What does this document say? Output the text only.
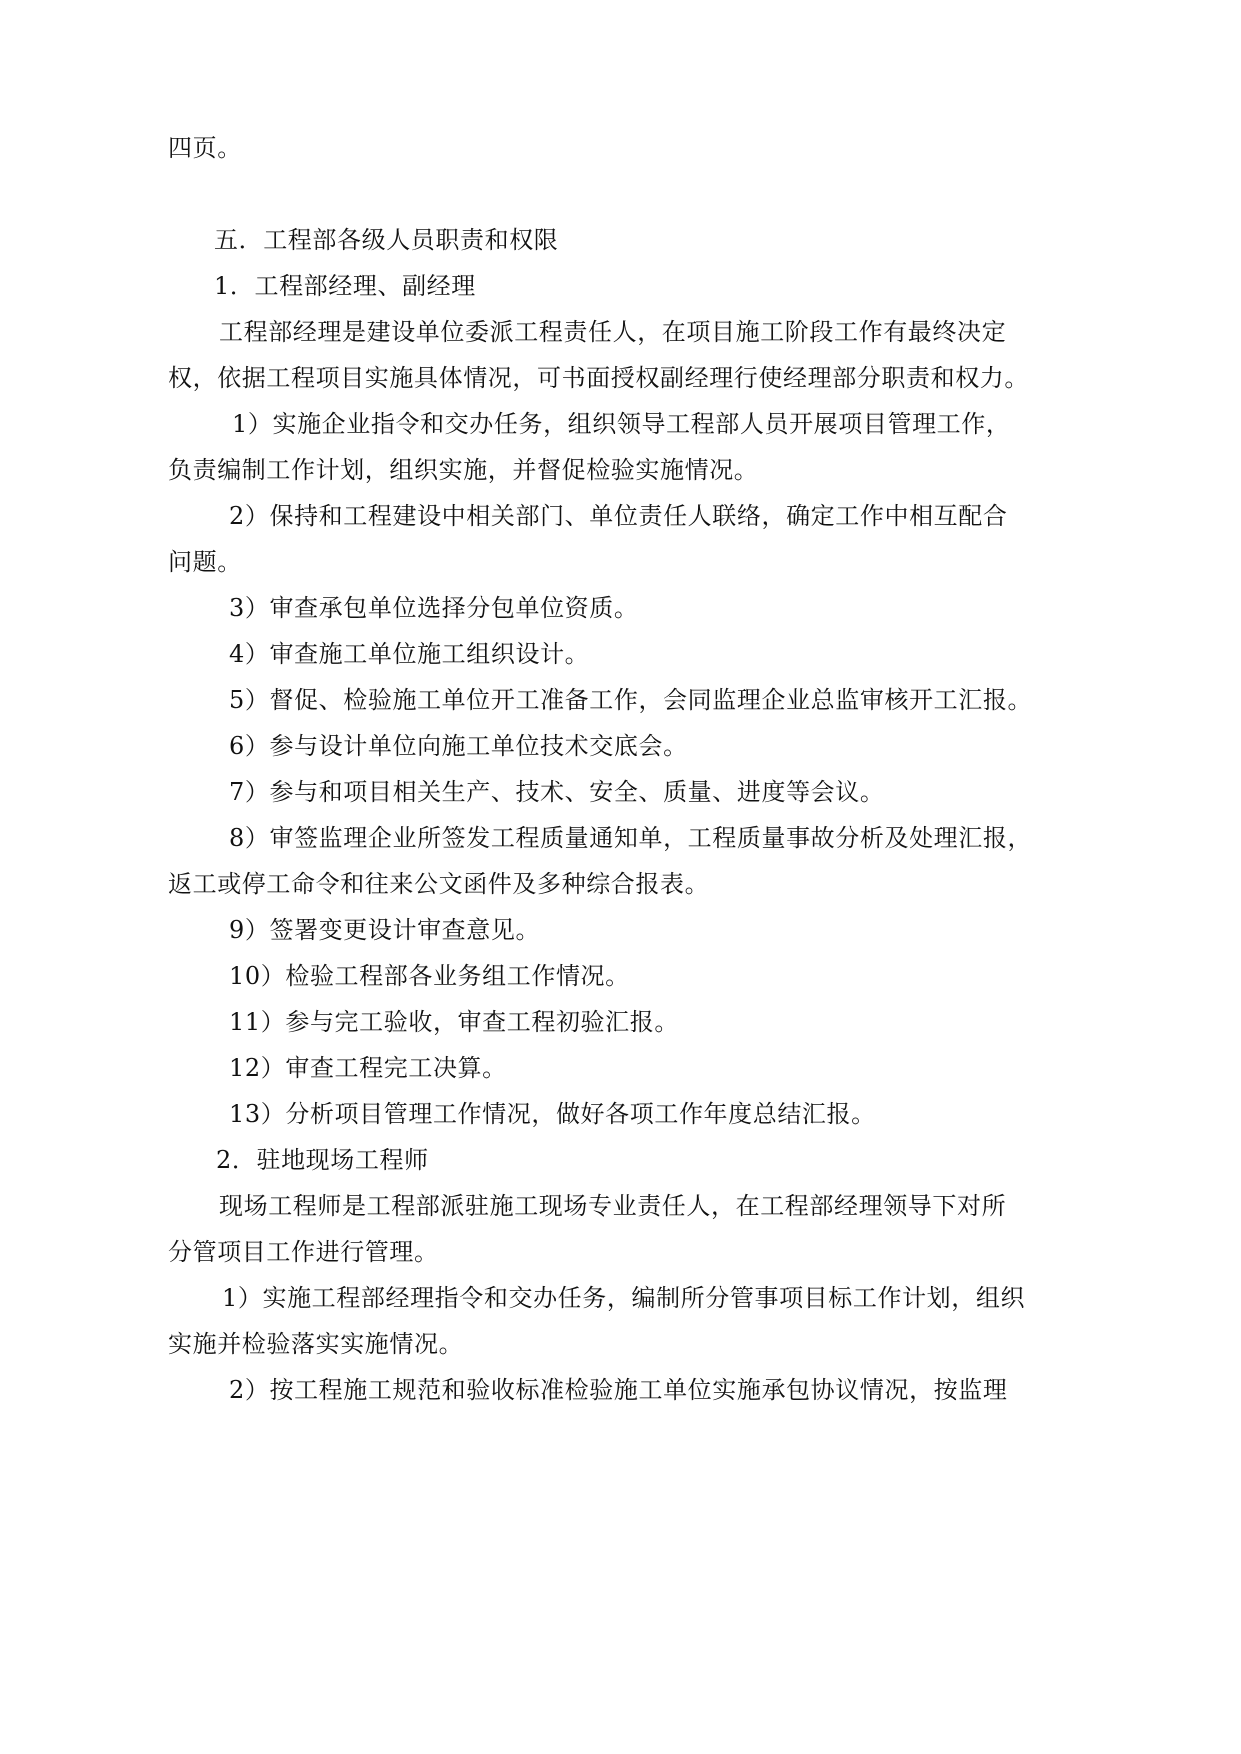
四页。
五．工程部各级人员职责和权限
1．工程部经理、副经理
工程部经理是建设单位委派工程责任人，在项目施工阶段工作有最终决定
权，依据工程项目实施具体情况，可书面授权副经理行使经理部分职责和权力。
1）实施企业指令和交办任务，组织领导工程部人员开展项目管理工作，
负责编制工作计划，组织实施，并督促检验实施情况。
2）保持和工程建设中相关部门、单位责任人联络，确定工作中相互配合
问题。
3）审查承包单位选择分包单位资质。
4）审查施工单位施工组织设计。
5）督促、检验施工单位开工准备工作，会同监理企业总监审核开工汇报。
6）参与设计单位向施工单位技术交底会。
7）参与和项目相关生产、技术、安全、质量、进度等会议。
8）审签监理企业所签发工程质量通知单，工程质量事故分析及处理汇报，
返工或停工命令和往来公文函件及多种综合报表。
9）签署变更设计审查意见。
10）检验工程部各业务组工作情况。
11）参与完工验收，审查工程初验汇报。
12）审查工程完工决算。
13）分析项目管理工作情况，做好各项工作年度总结汇报。
2．驻地现场工程师
现场工程师是工程部派驻施工现场专业责任人，在工程部经理领导下对所
分管项目工作进行管理。
1）实施工程部经理指令和交办任务，编制所分管事项目标工作计划，组织
实施并检验落实实施情况。
2）按工程施工规范和验收标准检验施工单位实施承包协议情况，按监理
